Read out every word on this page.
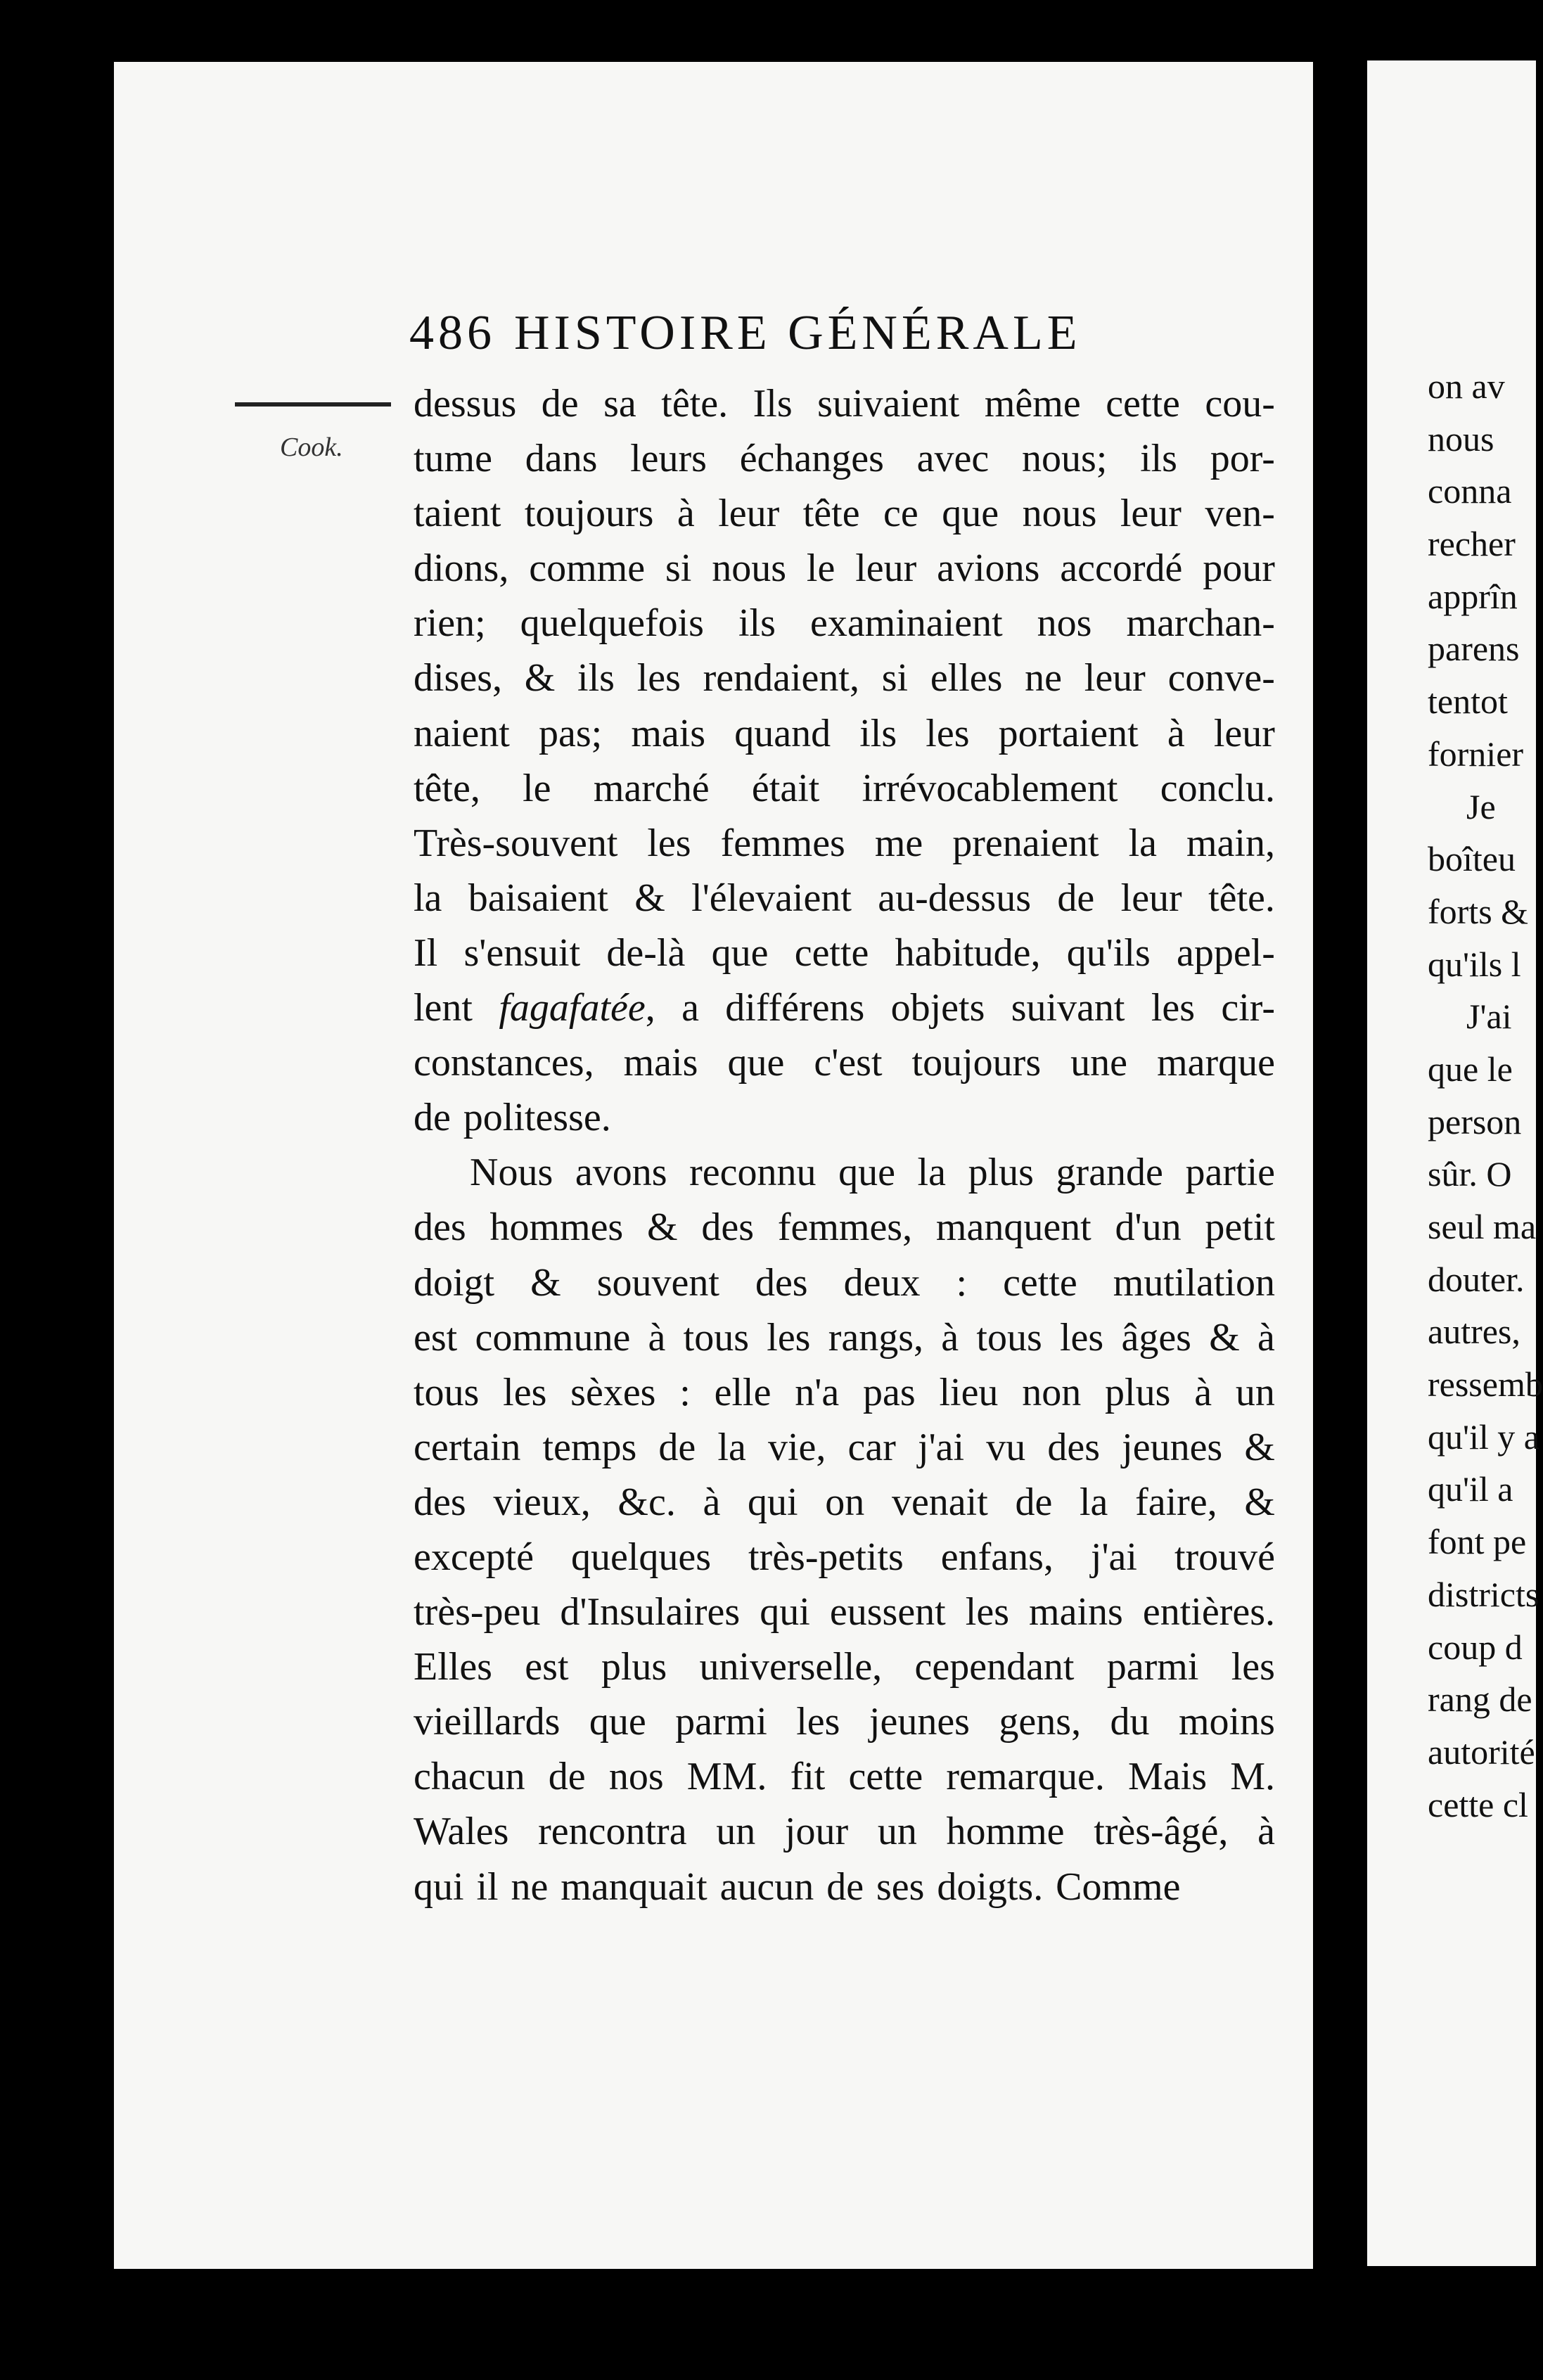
486 HISTOIRE GÉNÉRALE
Cook.
dessus de sa tête. Ils suivaient même cette cou-
tume dans leurs échanges avec nous; ils por-
taient toujours à leur tête ce que nous leur ven-
dions, comme si nous le leur avions accordé pour
rien; quelquefois ils examinaient nos marchan-
dises, & ils les rendaient, si elles ne leur conve-
naient pas; mais quand ils les portaient à leur
tête, le marché était irrévocablement conclu.
Très-souvent les femmes me prenaient la main,
la baisaient & l'élevaient au-dessus de leur tête.
Il s'ensuit de-là que cette habitude, qu'ils appel-
lent fagafatée, a différens objets suivant les cir-
constances, mais que c'est toujours une marque
de politesse.
Nous avons reconnu que la plus grande partie
des hommes & des femmes, manquent d'un petit
doigt & souvent des deux : cette mutilation
est commune à tous les rangs, à tous les âges & à
tous les sèxes : elle n'a pas lieu non plus à un
certain temps de la vie, car j'ai vu des jeunes &
des vieux, &c. à qui on venait de la faire, &
excepté quelques très-petits enfans, j'ai trouvé
très-peu d'Insulaires qui eussent les mains entières.
Elles est plus universelle, cependant parmi les
vieillards que parmi les jeunes gens, du moins
chacun de nos MM. fit cette remarque. Mais M.
Wales rencontra un jour un homme très-âgé, à
qui il ne manquait aucun de ses doigts. Comme
on av
nous
conna
recher
apprîn
parens
tentot
fornier
Je
boîteu
forts &
qu'ils l
J'ai
que le
person
sûr. O
seul ma
douter.
autres,
ressemb
qu'il y a
qu'il a
font pe
districts
coup d
rang de
autorité
cette cl
